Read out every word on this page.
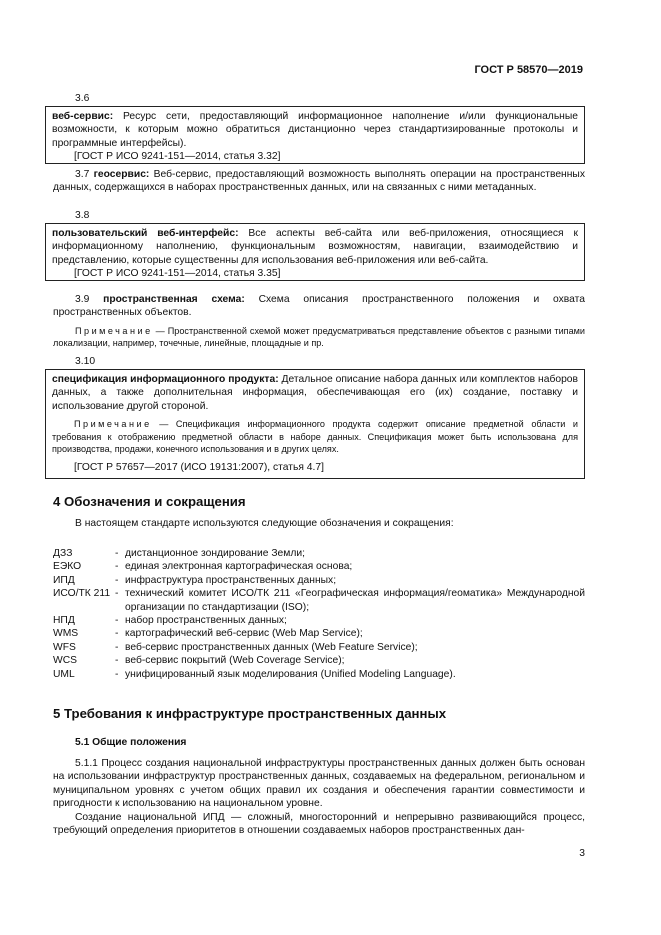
ГОСТ Р 58570—2019
3.6

веб-сервис: Ресурс сети, предоставляющий информационное наполнение и/или функциональные возможности, к которым можно обратиться дистанционно через стандартизированные протоколы и программные интерфейсы).

[ГОСТ Р ИСО 9241-151—2014, статья 3.32]

3.7 геосервис: Веб-сервис, предоставляющий возможность выполнять операции на пространственных данных, содержащихся в наборах пространственных данных, или на связанных с ними метаданных.

3.8

пользовательский веб-интерфейс: Все аспекты веб-сайта или веб-приложения, относящиеся к информационному наполнению, функциональным возможностям, навигации, взаимодействию и представлению, которые существенны для использования веб-приложения или веб-сайта.

[ГОСТ Р ИСО 9241-151—2014, статья 3.35]

3.9 пространственная схема: Схема описания пространственного положения и охвата пространственных объектов.

Примечание — Пространственной схемой может предусматриваться представление объектов с разными типами локализации, например, точечные, линейные, площадные и пр.

3.10

спецификация информационного продукта: Детальное описание набора данных или комплектов наборов данных, а также дополнительная информация, обеспечивающая его (их) создание, поставку и использование другой стороной.

Примечание — Спецификация информационного продукта содержит описание предметной области и требования к отображению предметной области в наборе данных. Спецификация может быть использована для производства, продажи, конечного использования и в других целях.

[ГОСТ Р 57657—2017 (ИСО 19131:2007), статья 4.7]

4 Обозначения и сокращения

В настоящем стандарте используются следующие обозначения и сокращения:

ДЗЗ	- дистанционное зондирование Земли;
ЕЭКО	- единая электронная картографическая основа;
ИПД	- инфраструктура пространственных данных;
ИСО/ТК 211 - технический комитет ИСО/ТК 211 «Географическая информация/геоматика» Международной организации по стандартизации (ISO);
НПД	- набор пространственных данных;
WMS	- картографический веб-сервис (Web Map Service);
WFS	- веб-сервис пространственных данных (Web Feature Service);
WCS	- веб-сервис покрытий (Web Coverage Service);
UML	- унифицированный язык моделирования (Unified Modeling Language).
5 Требования к инфраструктуре пространственных данных
5.1 Общие положения

5.1.1 Процесс создания национальной инфраструктуры пространственных данных должен быть основан на использовании инфраструктур пространственных данных, создаваемых на федеральном, региональном и муниципальном уровнях с учетом общих правил их создания и обеспечения гарантии совместимости и пригодности к использованию на национальном уровне.

Создание национальной ИПД — сложный, многосторонний и непрерывно развивающийся процесс, требующий определения приоритетов в отношении создаваемых наборов пространственных дан-

3
